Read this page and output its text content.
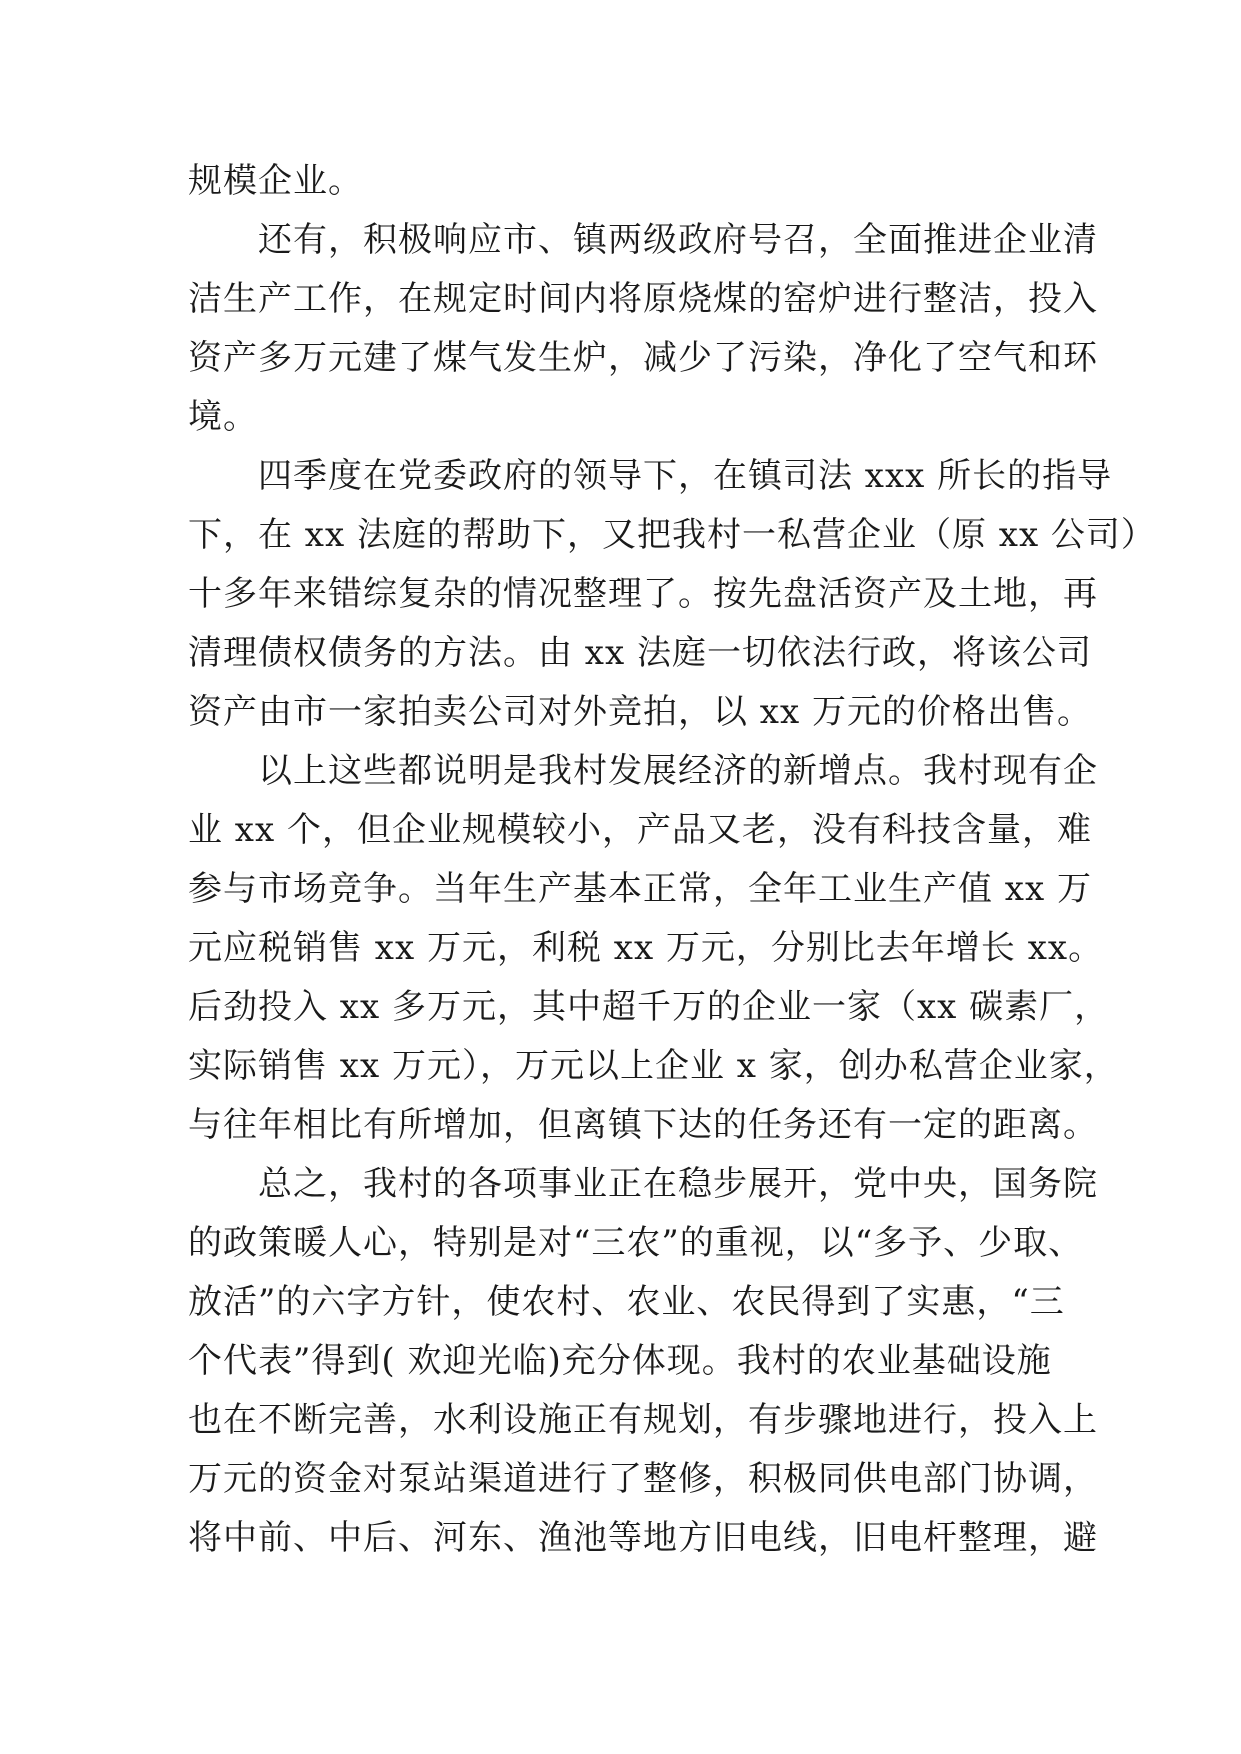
规模企业。
　　还有，积极响应市、镇两级政府号召，全面推进企业清
洁生产工作，在规定时间内将原烧煤的窑炉进行整洁，投入
资产多万元建了煤气发生炉，减少了污染，净化了空气和环
境。
　　四季度在党委政府的领导下，在镇司法 xxx 所长的指导
下，在 xx 法庭的帮助下，又把我村一私营企业（原 xx 公司）
十多年来错综复杂的情况整理了。按先盘活资产及土地，再
清理债权债务的方法。由 xx 法庭一切依法行政，将该公司
资产由市一家拍卖公司对外竞拍，以 xx 万元的价格出售。
　　以上这些都说明是我村发展经济的新增点。我村现有企
业 xx 个，但企业规模较小，产品又老，没有科技含量，难
参与市场竞争。当年生产基本正常，全年工业生产值 xx 万
元应税销售 xx 万元，利税 xx 万元，分别比去年增长 xx。
后劲投入 xx 多万元，其中超千万的企业一家（xx 碳素厂，
实际销售 xx 万元），万元以上企业 x 家，创办私营企业家，
与往年相比有所增加，但离镇下达的任务还有一定的距离。
　　总之，我村的各项事业正在稳步展开，党中央，国务院
的政策暖人心，特别是对“三农”的重视，以“多予、少取、
放活”的六字方针，使农村、农业、农民得到了实惠，“三
个代表”得到( 欢迎光临)充分体现。我村的农业基础设施
也在不断完善，水利设施正有规划，有步骤地进行，投入上
万元的资金对泵站渠道进行了整修，积极同供电部门协调，
将中前、中后、河东、渔池等地方旧电线，旧电杆整理，避
